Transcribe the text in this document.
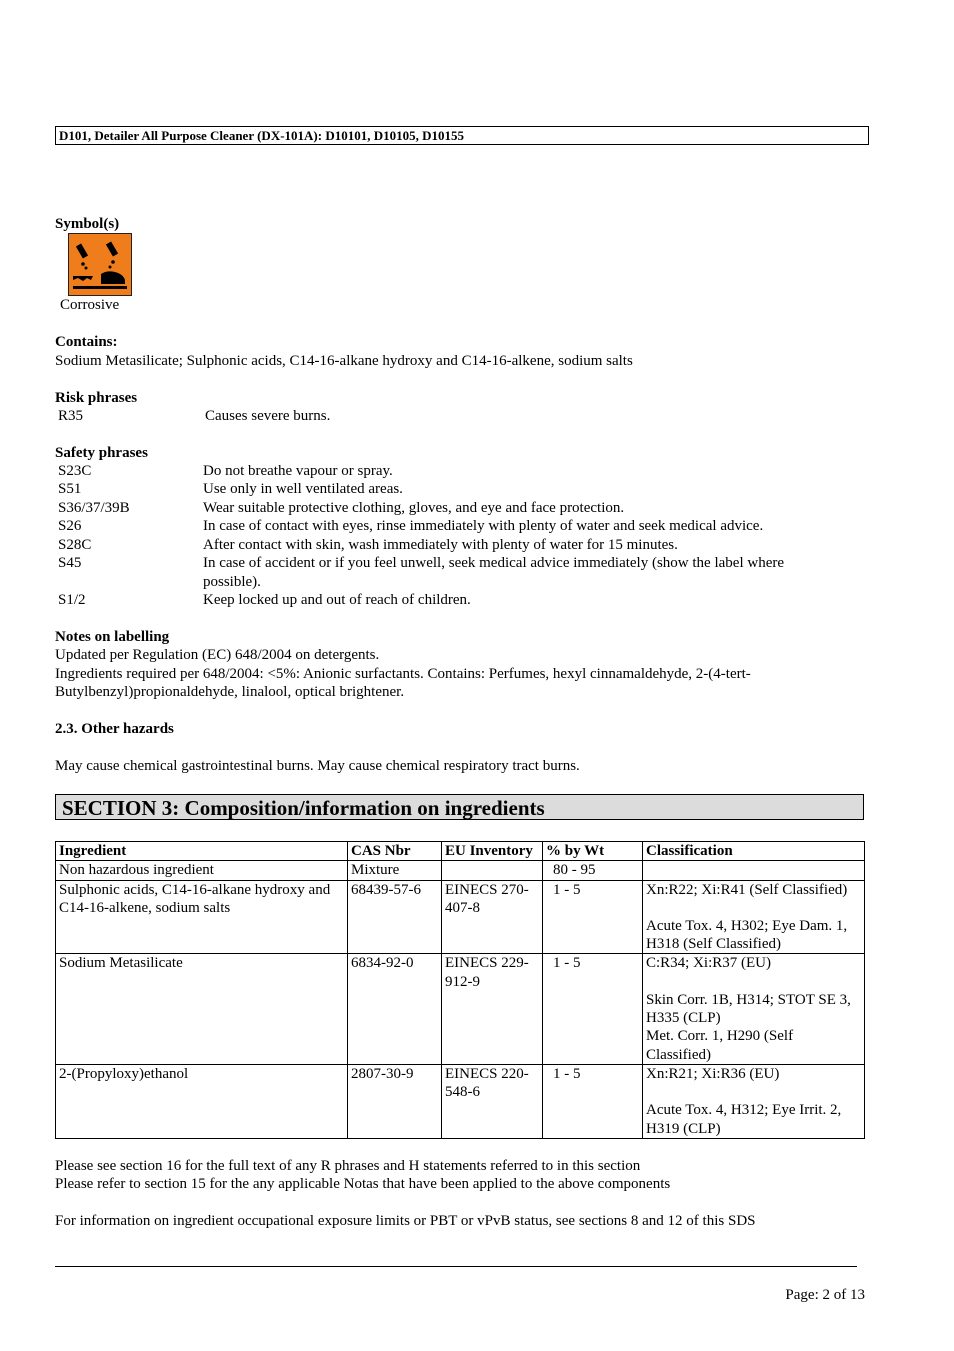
D101, Detailer All Purpose Cleaner (DX-101A): D10101, D10105, D10155
Symbol(s)
Corrosive
Contains:
Sodium Metasilicate; Sulphonic acids, C14-16-alkane hydroxy and C14-16-alkene, sodium salts
Risk phrases
R35	Causes severe burns.
Safety phrases
S23C	Do not breathe vapour or spray.
S51	Use only in well ventilated areas.
S36/37/39B	Wear suitable protective clothing, gloves, and eye and face protection.
S26	In case of contact with eyes, rinse immediately with plenty of water and seek medical advice.
S28C	After contact with skin, wash immediately with plenty of water for 15 minutes.
S45	In case of accident or if you feel unwell, seek medical advice immediately (show the label where
possible).
S1/2	Keep locked up and out of reach of children.
Notes on labelling
Updated per Regulation (EC) 648/2004 on detergents.
Ingredients required per 648/2004: <5%: Anionic surfactants. Contains: Perfumes, hexyl cinnamaldehyde, 2-(4-tert-
Butylbenzyl)propionaldehyde, linalool, optical brightener.
2.3. Other hazards
May cause chemical gastrointestinal burns. May cause chemical respiratory tract burns.
SECTION 3: Composition/information on ingredients
Ingredient	CAS Nbr	EU Inventory	% by Wt	Classification
Non hazardous ingredient	Mixture		80 - 95	
Sulphonic acids, C14-16-alkane hydroxy and C14-16-alkene, sodium salts	68439-57-6	EINECS 270-407-8	1 - 5	Xn:R22; Xi:R41 (Self Classified)
Acute Tox. 4, H302; Eye Dam. 1, H318 (Self Classified)

Sodium Metasilicate	6834-92-0	EINECS 229-912-9	1 - 5	C:R34; Xi:R37 (EU)
Skin Corr. 1B, H314; STOT SE 3, H335 (CLP)
Met. Corr. 1, H290 (Self Classified)

2-(Propyloxy)ethanol	2807-30-9	EINECS 220-548-6	1 - 5	Xn:R21; Xi:R36 (EU)
Acute Tox. 4, H312; Eye Irrit. 2, H319 (CLP)
Please see section 16 for the full text of any R phrases and H statements referred to in this section
Please refer to section 15 for the any applicable Notas that have been applied to the above components
For information on ingredient occupational exposure limits or PBT or vPvB status, see sections 8 and 12 of this SDS
Page: 2 of 13
